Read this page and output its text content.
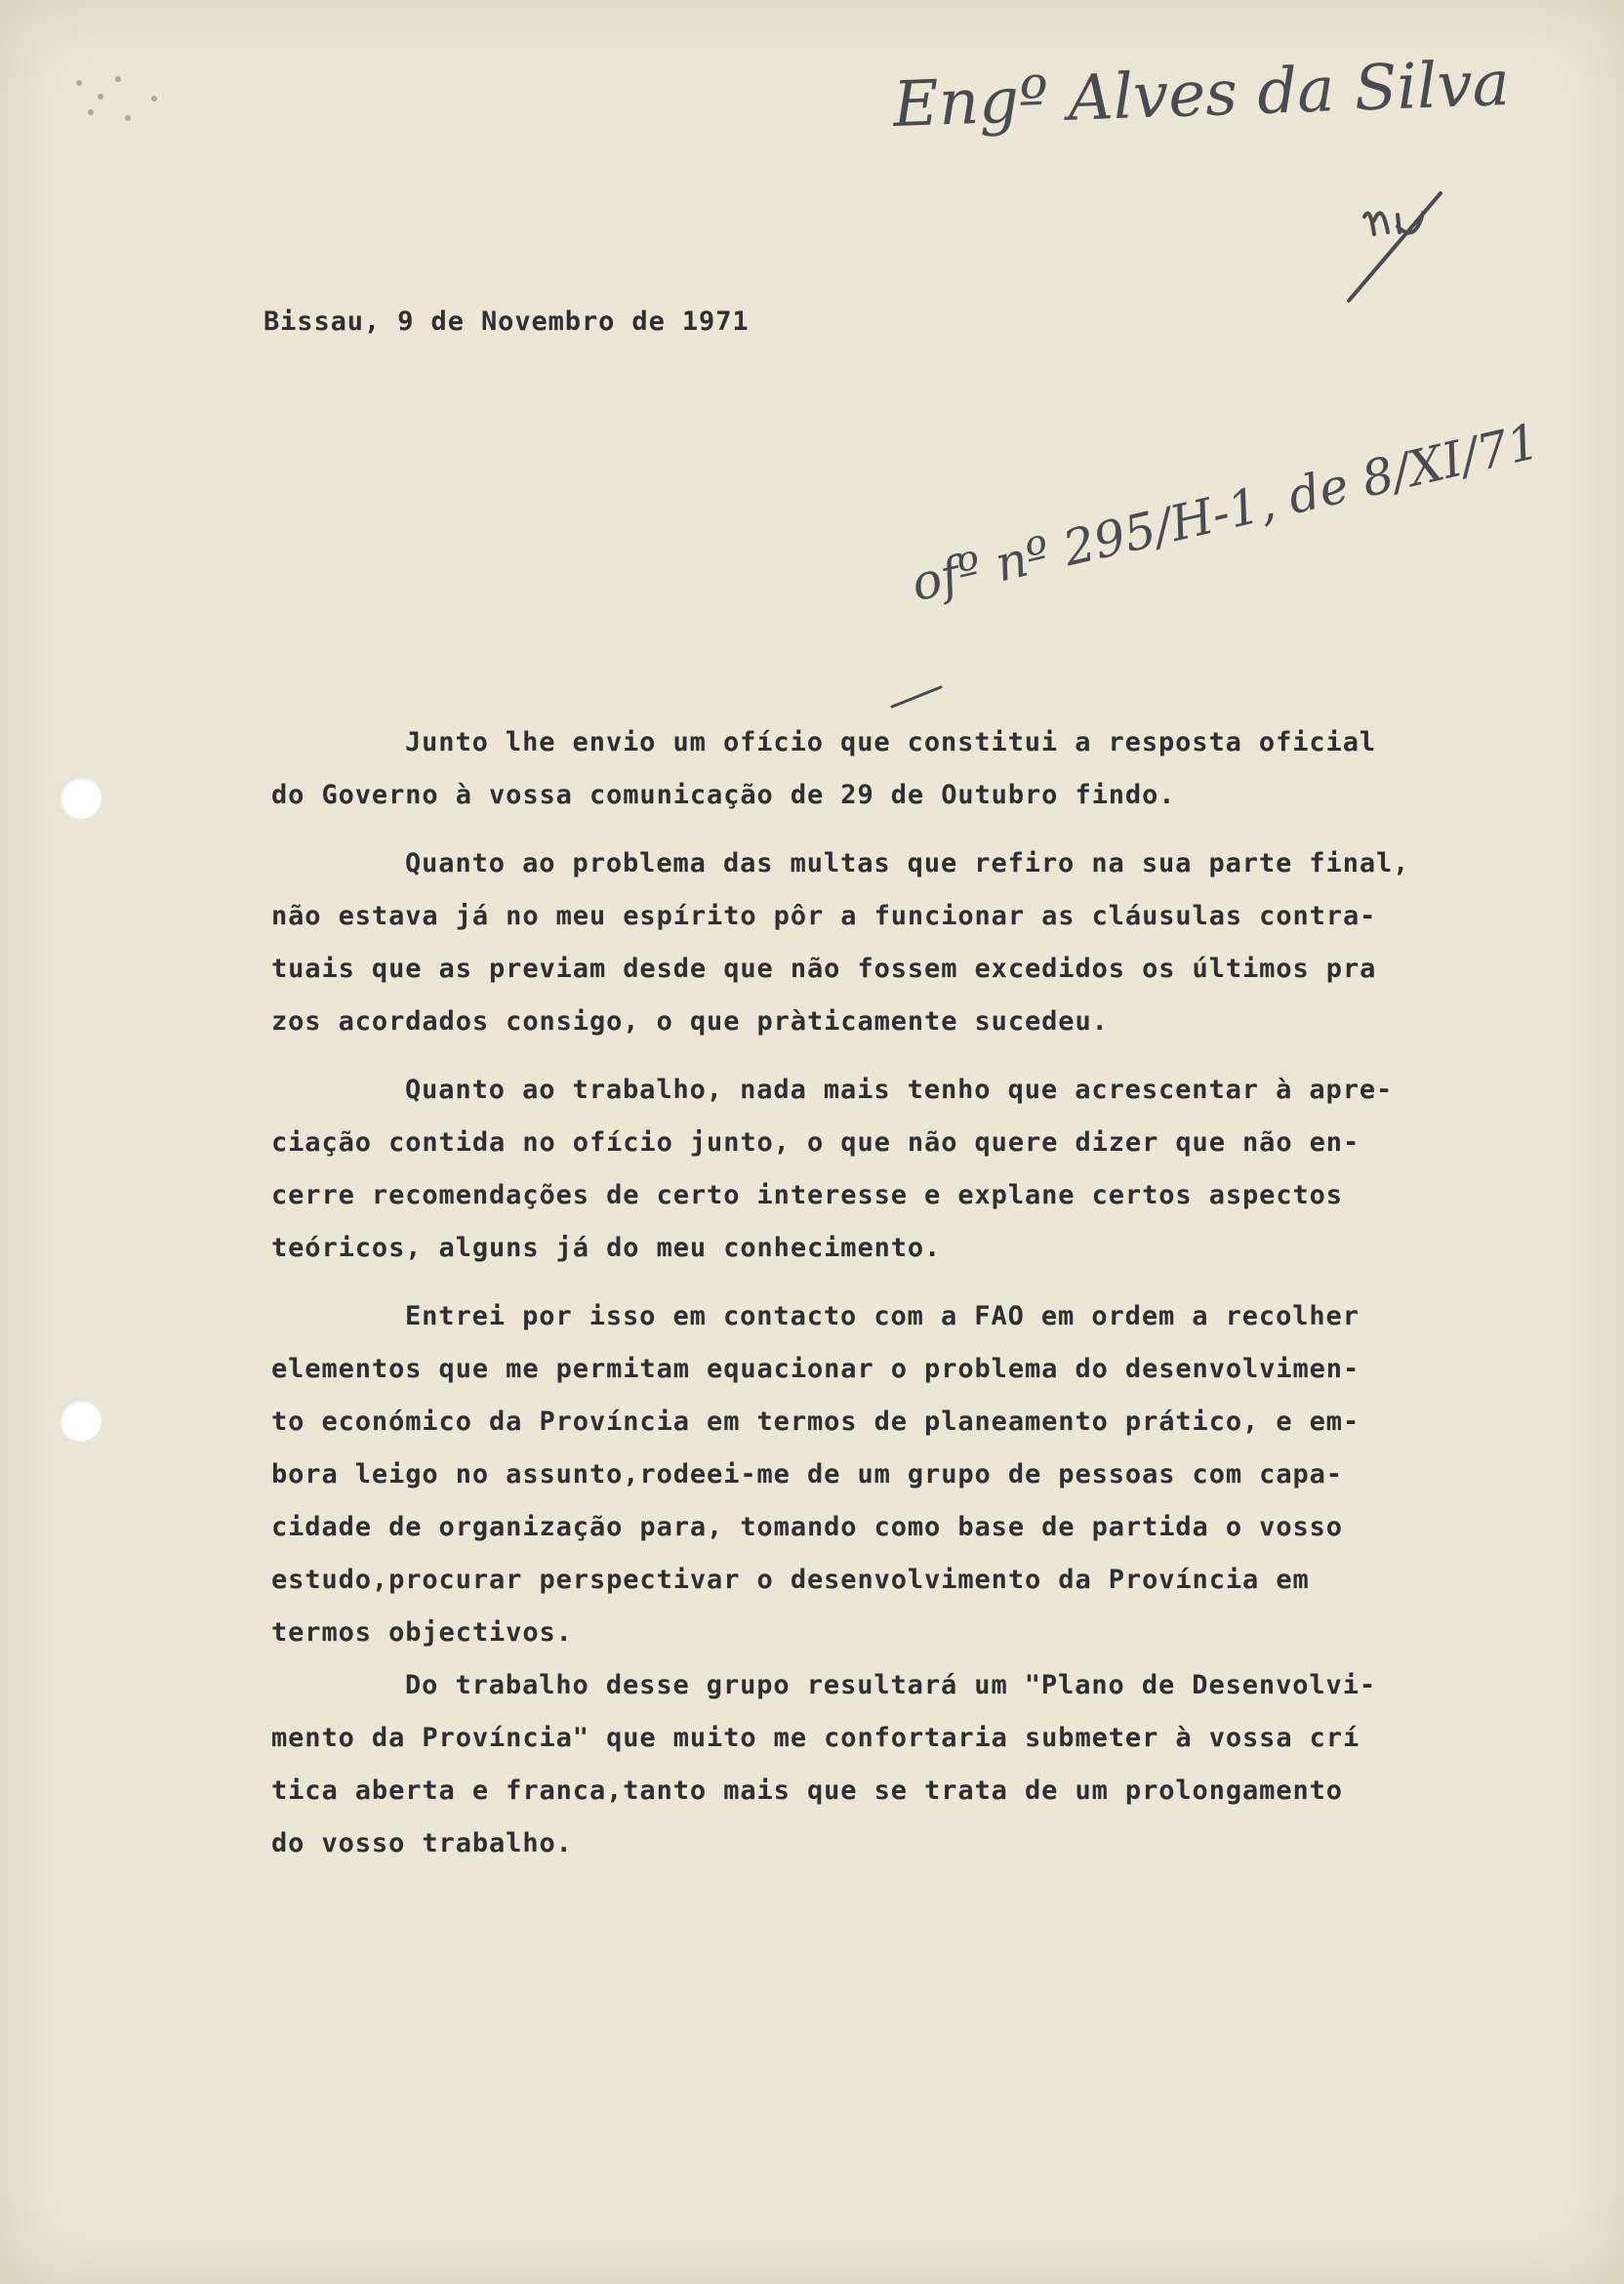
Engº Alves da Silva
ofº nº 295/H-1, de 8/XI/71
Bissau, 9 de Novembro de 1971

Junto lhe envio um ofício que constitui a resposta oficial
do Governo à vossa comunicação de 29 de Outubro findo.

Quanto ao problema das multas que refiro na sua parte final,
não estava já no meu espírito pôr a funcionar as cláusulas contra-
tuais que as previam desde que não fossem excedidos os últimos pra
zos acordados consigo, o que pràticamente sucedeu.

Quanto ao trabalho, nada mais tenho que acrescentar à apre-
ciação contida no ofício junto, o que não quere dizer que não en-
cerre recomendações de certo interesse e explane certos aspectos
teóricos, alguns já do meu conhecimento.

Entrei por isso em contacto com a FAO em ordem a recolher
elementos que me permitam equacionar o problema do desenvolvimen-
to económico da Província em termos de planeamento prático, e em-
bora leigo no assunto,rodeei-me de um grupo de pessoas com capa-
cidade de organização para, tomando como base de partida o vosso
estudo,procurar perspectivar o desenvolvimento da Província em
termos objectivos.

Do trabalho desse grupo resultará um "Plano de Desenvolvi-
mento da Província" que muito me confortaria submeter à vossa crí
tica aberta e franca,tanto mais que se trata de um prolongamento
do vosso trabalho.
